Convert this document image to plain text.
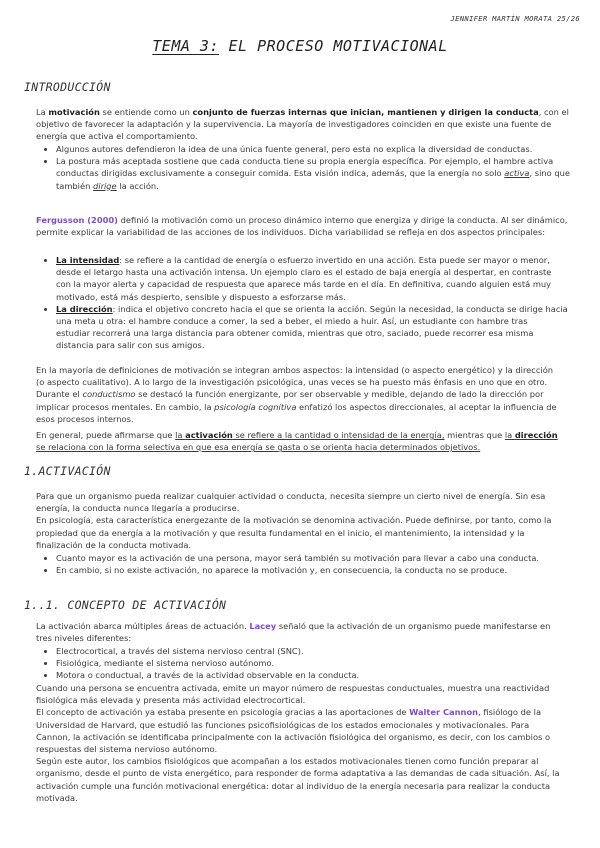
JENNIFER MARTÍN MORATA 25/26
TEMA 3: EL PROCESO MOTIVACIONAL
INTRODUCCIÓN

La motivación se entiende como un conjunto de fuerzas internas que inician, mantienen y dirigen la conducta, con el objetivo de favorecer la adaptación y la supervivencia. La mayoría de investigadores coinciden en que existe una fuente de energía que activa el comportamiento.

• Algunos autores defendieron la idea de una única fuente general, pero esta no explica la diversidad de conductas.
• La postura más aceptada sostiene que cada conducta tiene su propia energía específica. Por ejemplo, el hambre activa conductas dirigidas exclusivamente a conseguir comida. Esta visión indica, además, que la energía no solo activa, sino que también dirige la acción.

Fergusson (2000) definió la motivación como un proceso dinámico interno que energiza y dirige la conducta. Al ser dinámico, permite explicar la variabilidad de las acciones de los individuos. Dicha variabilidad se refleja en dos aspectos principales:

• La intensidad: se refiere a la cantidad de energía o esfuerzo invertido en una acción. Esta puede ser mayor o menor,
desde el letargo hasta una activación intensa. Un ejemplo claro es el estado de baja energía al despertar, en contraste
con la mayor alerta y capacidad de respuesta que aparece más tarde en el día. En definitiva, cuando alguien está muy
motivado, está más despierto, sensible y dispuesto a esforzarse más.
• La dirección: indica el objetivo concreto hacia el que se orienta la acción. Según la necesidad, la conducta se dirige hacia
una meta u otra: el hambre conduce a comer, la sed a beber, el miedo a huir. Así, un estudiante con hambre tras
estudiar recorrerá una larga distancia para obtener comida, mientras que otro, saciado, puede recorrer esa misma
distancia para salir con sus amigos.

En la mayoría de definiciones de motivación se integran ambos aspectos: la intensidad (o aspecto energético) y la dirección
(o aspecto cualitativo). A lo largo de la investigación psicológica, unas veces se ha puesto más énfasis en uno que en otro.
Durante el conductismo se destacó la función energizante, por ser observable y medible, dejando de lado la dirección por
implicar procesos mentales. En cambio, la psicología cognitiva enfatizó los aspectos direccionales, al aceptar la influencia de
esos procesos internos.

En general, puede afirmarse que la activación se refiere a la cantidad o intensidad de la energía, mientras que la dirección
se relaciona con la forma selectiva en que esa energía se gasta o se orienta hacia determinados objetivos.

1.ACTIVACIÓN

Para que un organismo pueda realizar cualquier actividad o conducta, necesita siempre un cierto nivel de energía. Sin esa
energía, la conducta nunca llegaría a producirse.
En psicología, esta característica energezante de la motivación se denomina activación. Puede definirse, por tanto, como la
propiedad que da energía a la motivación y que resulta fundamental en el inicio, el mantenimiento, la intensidad y la
finalización de la conducta motivada.

• Cuanto mayor es la activación de una persona, mayor será también su motivación para llevar a cabo una conducta.
• En cambio, si no existe activación, no aparece la motivación y, en consecuencia, la conducta no se produce.
1..1. CONCEPTO DE ACTIVACIÓN

La activación abarca múltiples áreas de actuación. Lacey señaló que la activación de un organismo puede manifestarse en
tres niveles diferentes:

• Electrocortical, a través del sistema nervioso central (SNC).
• Fisiológica, mediante el sistema nervioso autónomo.
• Motora o conductual, a través de la actividad observable en la conducta.

Cuando una persona se encuentra activada, emite un mayor número de respuestas conductuales, muestra una reactividad
fisiológica más elevada y presenta más actividad electrocortical.
El concepto de activación ya estaba presente en psicología gracias a las aportaciones de Walter Cannon, fisiólogo de la
Universidad de Harvard, que estudió las funciones psicofisiológicas de los estados emocionales y motivacionales. Para
Cannon, la activación se identificaba principalmente con la activación fisiológica del organismo, es decir, con los cambios o
respuestas del sistema nervioso autónomo.
Según este autor, los cambios fisiológicos que acompañan a los estados motivacionales tienen como función preparar al
organismo, desde el punto de vista energético, para responder de forma adaptativa a las demandas de cada situación. Así, la
activación cumple una función motivacional energética: dotar al individuo de la energía necesaria para realizar la conducta
motivada.
